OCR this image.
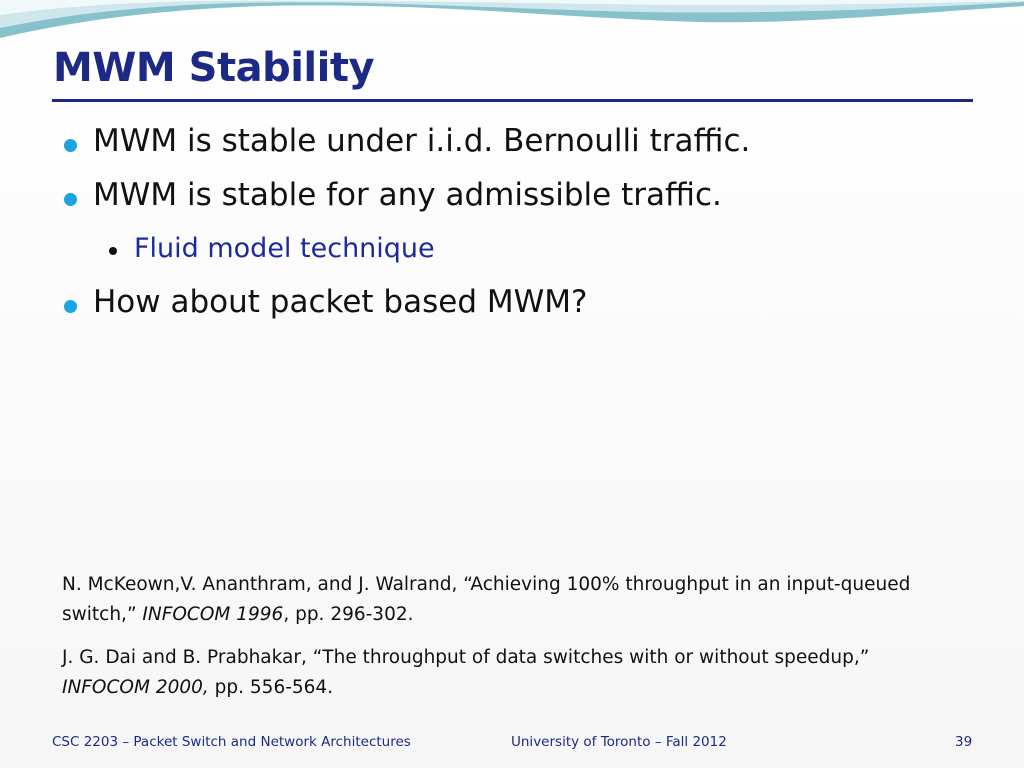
MWM Stability
MWM is stable under i.i.d. Bernoulli traffic.
MWM is stable for any admissible traffic.
Fluid model technique
How about packet based MWM?
N. McKeown,V. Ananthram, and J. Walrand, “Achieving 100% throughput in an input-queued switch,” INFOCOM 1996, pp. 296-302.
J. G. Dai and B. Prabhakar, “The throughput of data switches with or without speedup,” INFOCOM 2000, pp. 556-564.
CSC 2203 – Packet Switch and Network Architectures	University of Toronto – Fall 2012	39
